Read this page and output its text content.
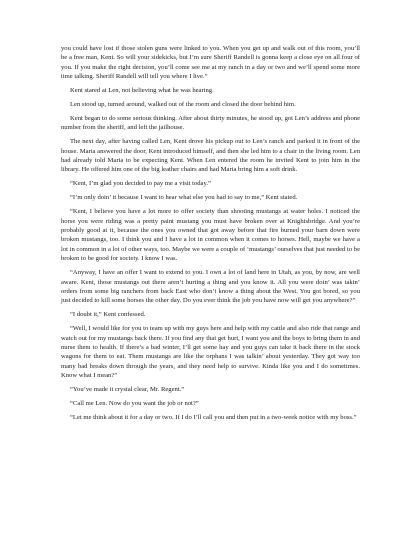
you could have lost if those stolen guns were linked to you. When you get up and walk out of this room, you’ll be a free man, Kent. So will your sidekicks, but I’m sure Sheriff Randell is gonna keep a close eye on all four of you. If you make the right decision, you’ll come see me at my ranch in a day or two and we’ll spend some more time talking. Sheriff Randell will tell you where I live.”

Kent stared at Len, not believing what he was hearing.

Len stood up, turned around, walked out of the room and closed the door behind him.

Kent began to do some serious thinking. After about thirty minutes, he stood up, got Len’s address and phone number from the sheriff, and left the jailhouse.

The next day, after having called Len, Kent drove his pickup out to Len’s ranch and parked it in front of the house. Maria answered the door, Kent introduced himself, and then she led him to a chair in the living room. Len had already told Maria to be expecting Kent. When Len entered the room he invited Kent to join him in the library. He offered him one of the big leather chairs and had Maria bring him a soft drink.

“Kent, I’m glad you decided to pay me a visit today.”

“I’m only doin’ it because I want to hear what else you had to say to me,” Kent stated.

“Kent, I believe you have a lot more to offer society than shooting mustangs at water holes. I noticed the horse you were riding was a pretty paint mustang you must have broken over at Knightsbridge. And you’re probably good at it, because the ones you owned that got away before that fire burned your barn down were broken mustangs, too. I think you and I have a lot in common when it comes to horses. Hell, maybe we have a lot in common in a lot of other ways, too. Maybe we were a couple of ‘mustangs’ ourselves that just needed to be broken to be good for society. I know I was.

“Anyway, I have an offer I want to extend to you. I own a lot of land here in Utah, as you, by now, are well aware. Kent, those mustangs out there aren’t hurting a thing and you know it. All you were doin’ was takin’ orders from some big ranchers from back East who don’t know a thing about the West. You got bored, so you just decided to kill some horses the other day. Do you ever think the job you have now will get you anywhere?”

“I doubt it,” Kent confessed.

“Well, I would like for you to team up with my guys here and help with my cattle and also ride that range and watch out for my mustangs back there. If you find any that get hurt, I want you and the boys to bring them in and nurse them to health. If there’s a bad winter, I’ll get some hay and you guys can take it back there in the stock wagons for them to eat. Them mustangs are like the orphans I was talkin’ about yesterday. They got way too many bad breaks down through the years, and they need help to survive. Kinda like you and I do sometimes. Know what I mean?”

“You’ve made it crystal clear, Mr. Regent.”

“Call me Len. Now do you want the job or not?”

“Let me think about it for a day or two. If I do I’ll call you and then put in a two-week notice with my boss.”
